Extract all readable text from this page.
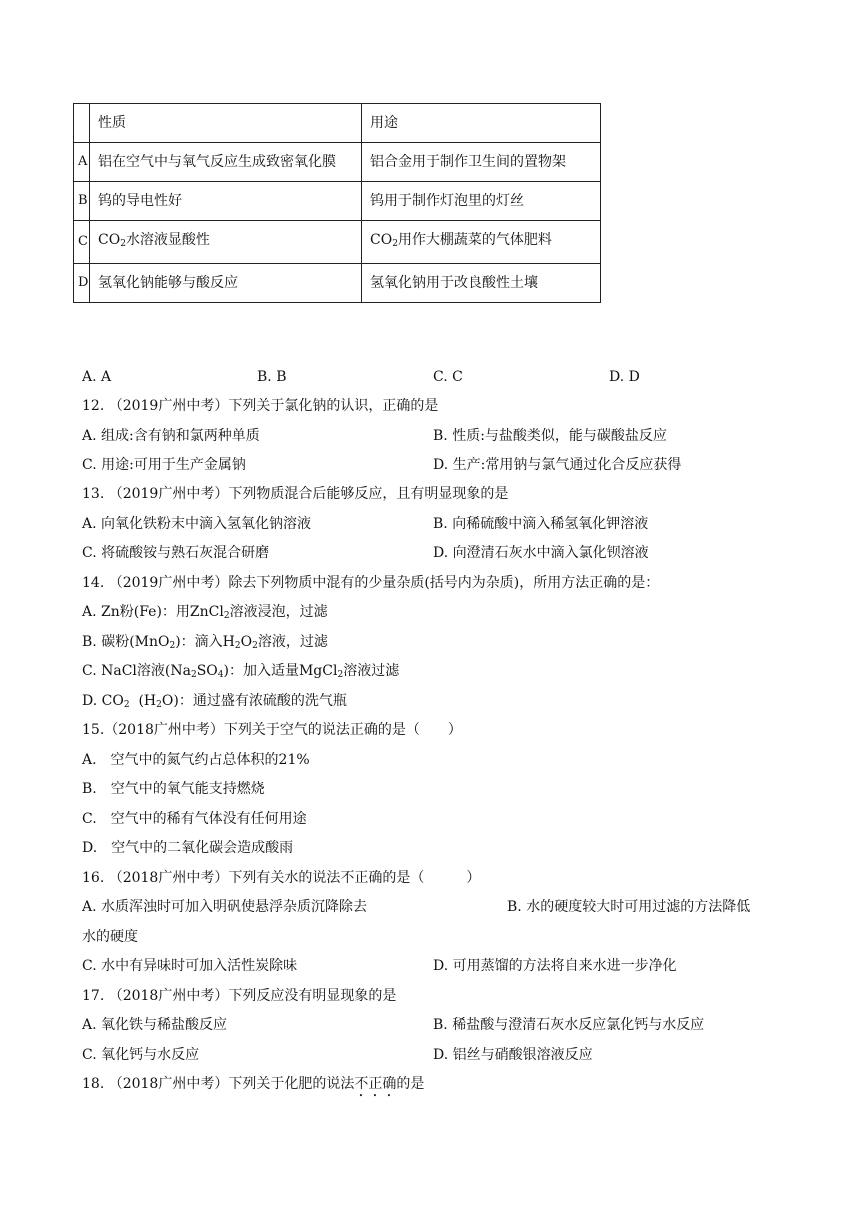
	性质	用途
A	铝在空气中与氧气反应生成致密氧化膜	铝合金用于制作卫生间的置物架
B	钨的导电性好	钨用于制作灯泡里的灯丝
C	$CO_2$水溶液显酸性	$CO_2$用作大棚蔬菜的气体肥料
D	氢氧化钠能够与酸反应	氢氧化钠用于改良酸性土壤
A. A	B. B	C. C	D. D
12. （2019广州中考）下列关于氯化钠的认识，正确的是
A. 组成:含有钠和氯两种单质	B. 性质:与盐酸类似，能与碳酸盐反应
C. 用途:可用于生产金属钠	D. 生产:常用钠与氯气通过化合反应获得
13. （2019广州中考）下列物质混合后能够反应，且有明显现象的是
A. 向氧化铁粉末中滴入氢氧化钠溶液	B. 向稀硫酸中滴入稀氢氧化钾溶液
C. 将硫酸铵与熟石灰混合研磨	D. 向澄清石灰水中滴入氯化钡溶液
14. （2019广州中考）除去下列物质中混有的少量杂质(括号内为杂质)，所用方法正确的是：
A. Zn粉(Fe)：用ZnCl$_2$溶液浸泡，过滤
B. 碳粉(MnO$_2$)：滴入$H_2O_2$溶液，过滤
C. NaCl溶液$(Na_2SO_4)$：加入适量MgCl$_2$溶液过滤
D. $CO_2$  $(H_2O)$：通过盛有浓硫酸的洗气瓶
15.（2018广州中考）下列关于空气的说法正确的是（　　）
A.　空气中的氮气约占总体积的21%
B.　空气中的氧气能支持燃烧
C.　空气中的稀有气体没有任何用途
D.　空气中的二氧化碳会造成酸雨
16. （2018广州中考）下列有关水的说法不正确的是（　　　）
A. 水质浑浊时可加入明矾使悬浮杂质沉降除去	B. 水的硬度较大时可用过滤的方法降低
水的硬度
C. 水中有异味时可加入活性炭除味	D. 可用蒸馏的方法将自来水进一步净化
17. （2018广州中考）下列反应没有明显现象的是
A. 氧化铁与稀盐酸反应	B. 稀盐酸与澄清石灰水反应氯化钙与水反应
C. 氧化钙与水反应	D. 铝丝与硝酸银溶液反应
18. （2018广州中考）下列关于化肥的说法不正确的是
